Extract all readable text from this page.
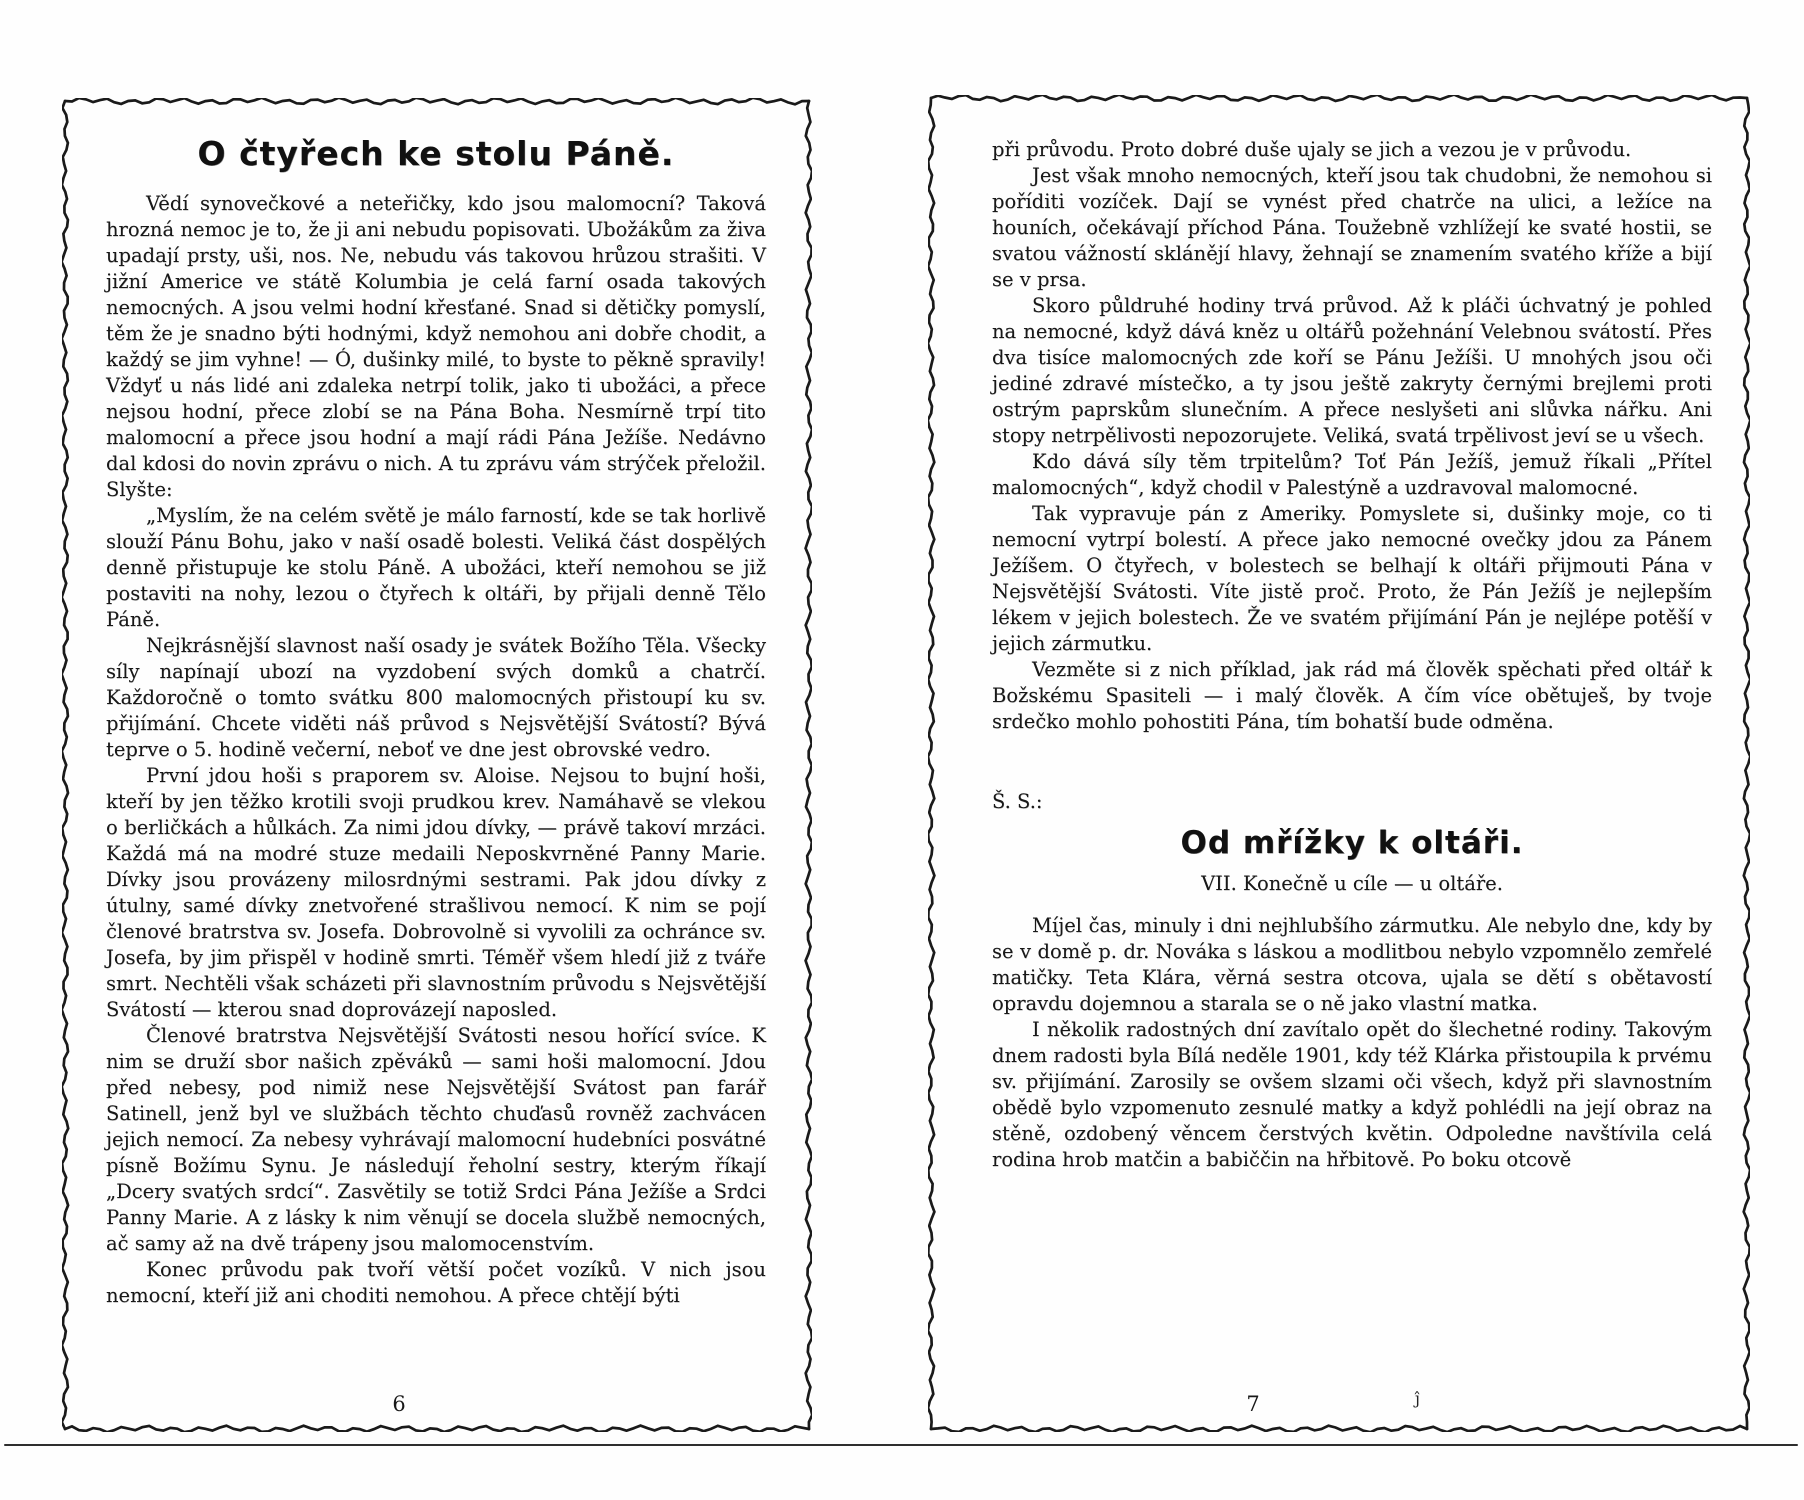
O čtyřech ke stolu Páně.

Vědí synovečkové a neteřičky, kdo jsou malomocní? Taková hrozná nemoc je to, že ji ani nebudu popisovati. Ubožákům za živa upadají prsty, uši, nos. Ne, nebudu vás takovou hrůzou strašiti. V jižní Americe ve státě Kolumbia je celá farní osada takových nemocných. A jsou velmi hodní křesťané. Snad si dětičky pomyslí, těm že je snadno býti hodnými, když nemohou ani dobře chodit, a každý se jim vyhne! — Ó, dušinky milé, to byste to pěkně spravily! Vždyť u nás lidé ani zdaleka netrpí tolik, jako ti ubožáci, a přece nejsou hodní, přece zlobí se na Pána Boha. Nesmírně trpí tito malomocní a přece jsou hodní a mají rádi Pána Ježíše. Nedávno dal kdosi do novin zprávu o nich. A tu zprávu vám strýček přeložil. Slyšte:

„Myslím, že na celém světě je málo farností, kde se tak horlivě slouží Pánu Bohu, jako v naší osadě bolesti. Veliká část dospělých denně přistupuje ke stolu Páně. A ubožáci, kteří nemohou se již postaviti na nohy, lezou o čtyřech k oltáři, by přijali denně Tělo Páně.

Nejkrásnější slavnost naší osady je svátek Božího Těla. Všecky síly napínají ubozí na vyzdobení svých domků a chatrčí. Každoročně o tomto svátku 800 malomocných přistoupí ku sv. přijímání. Chcete viděti náš průvod s Nejsvětější Svátostí? Bývá teprve o 5. hodině večerní, neboť ve dne jest obrovské vedro.

První jdou hoši s praporem sv. Aloise. Nejsou to bujní hoši, kteří by jen těžko krotili svoji prudkou krev. Namáhavě se vlekou o berličkách a hůlkách. Za nimi jdou dívky, — právě takoví mrzáci. Každá má na modré stuze medaili Neposkvrněné Panny Marie. Dívky jsou provázeny milosrdnými sestrami. Pak jdou dívky z útulny, samé dívky znetvořené strašlivou nemocí. K nim se pojí členové bratrstva sv. Josefa. Dobrovolně si vyvolili za ochránce sv. Josefa, by jim přispěl v hodině smrti. Téměř všem hledí již z tváře smrt. Nechtěli však scházeti při slavnostním průvodu s Nejsvětější Svátostí — kterou snad doprovázejí naposled.

Členové bratrstva Nejsvětější Svátosti nesou hořící svíce. K nim se druží sbor našich zpěváků — sami hoši malomocní. Jdou před nebesy, pod nimiž nese Nejsvětější Svátost pan farář Satinell, jenž byl ve službách těchto chuďasů rovněž zachvácen jejich nemocí. Za nebesy vyhrávají malomocní hudebníci posvátné písně Božímu Synu. Je následují řeholní sestry, kterým říkají „Dcery svatých srdcí“. Zasvětily se totiž Srdci Pána Ježíše a Srdci Panny Marie. A z lásky k nim věnují se docela službě nemocných, ač samy až na dvě trápeny jsou malomocenstvím.

Konec průvodu pak tvoří větší počet vozíků. V nich jsou nemocní, kteří již ani choditi nemohou. A přece chtějí býti

6

při průvodu. Proto dobré duše ujaly se jich a vezou je v průvodu.

Jest však mnoho nemocných, kteří jsou tak chudobni, že nemohou si poříditi vozíček. Dají se vynést před chatrče na ulici, a ležíce na houních, očekávají příchod Pána. Toužebně vzhlížejí ke svaté hostii, se svatou vážností sklánějí hlavy, žehnají se znamením svatého kříže a bijí se v prsa.

Skoro půldruhé hodiny trvá průvod. Až k pláči úchvatný je pohled na nemocné, když dává kněz u oltářů požehnání Velebnou svátostí. Přes dva tisíce malomocných zde koří se Pánu Ježíši. U mnohých jsou oči jediné zdravé místečko, a ty jsou ještě zakryty černými brejlemi proti ostrým paprskům slunečním. A přece neslyšeti ani slůvka nářku. Ani stopy netrpělivosti nepozorujete. Veliká, svatá trpělivost jeví se u všech.

Kdo dává síly těm trpitelům? Toť Pán Ježíš, jemuž říkali „Přítel malomocných“, když chodil v Palestýně a uzdravoval malomocné.

Tak vypravuje pán z Ameriky. Pomyslete si, dušinky moje, co ti nemocní vytrpí bolestí. A přece jako nemocné ovečky jdou za Pánem Ježíšem. O čtyřech, v bolestech se belhají k oltáři přijmouti Pána v Nejsvětější Svátosti. Víte jistě proč. Proto, že Pán Ježíš je nejlepším lékem v jejich bolestech. Že ve svatém přijímání Pán je nejlépe potěší v jejich zármutku.

Vezměte si z nich příklad, jak rád má člověk spěchati před oltář k Božskému Spasiteli — i malý člověk. A čím více obětuješ, by tvoje srdečko mohlo pohostiti Pána, tím bohatší bude odměna.

Š. S.:

Od mřížky k oltáři.

VII. Konečně u cíle — u oltáře.

Míjel čas, minuly i dni nejhlubšího zármutku. Ale nebylo dne, kdy by se v domě p. dr. Nováka s láskou a modlitbou nebylo vzpomnělo zemřelé matičky. Teta Klára, věrná sestra otcova, ujala se dětí s obětavostí opravdu dojemnou a starala se o ně jako vlastní matka.

I několik radostných dní zavítalo opět do šlechetné rodiny. Takovým dnem radosti byla Bílá neděle 1901, kdy též Klárka přistoupila k prvému sv. přijímání. Zarosily se ovšem slzami oči všech, když při slavnostním obědě bylo vzpomenuto zesnulé matky a když pohlédli na její obraz na stěně, ozdobený věncem čerstvých květin. Odpoledne navštívila celá rodina hrob matčin a babiččin na hřbitově. Po boku otcově

7	ĵ
